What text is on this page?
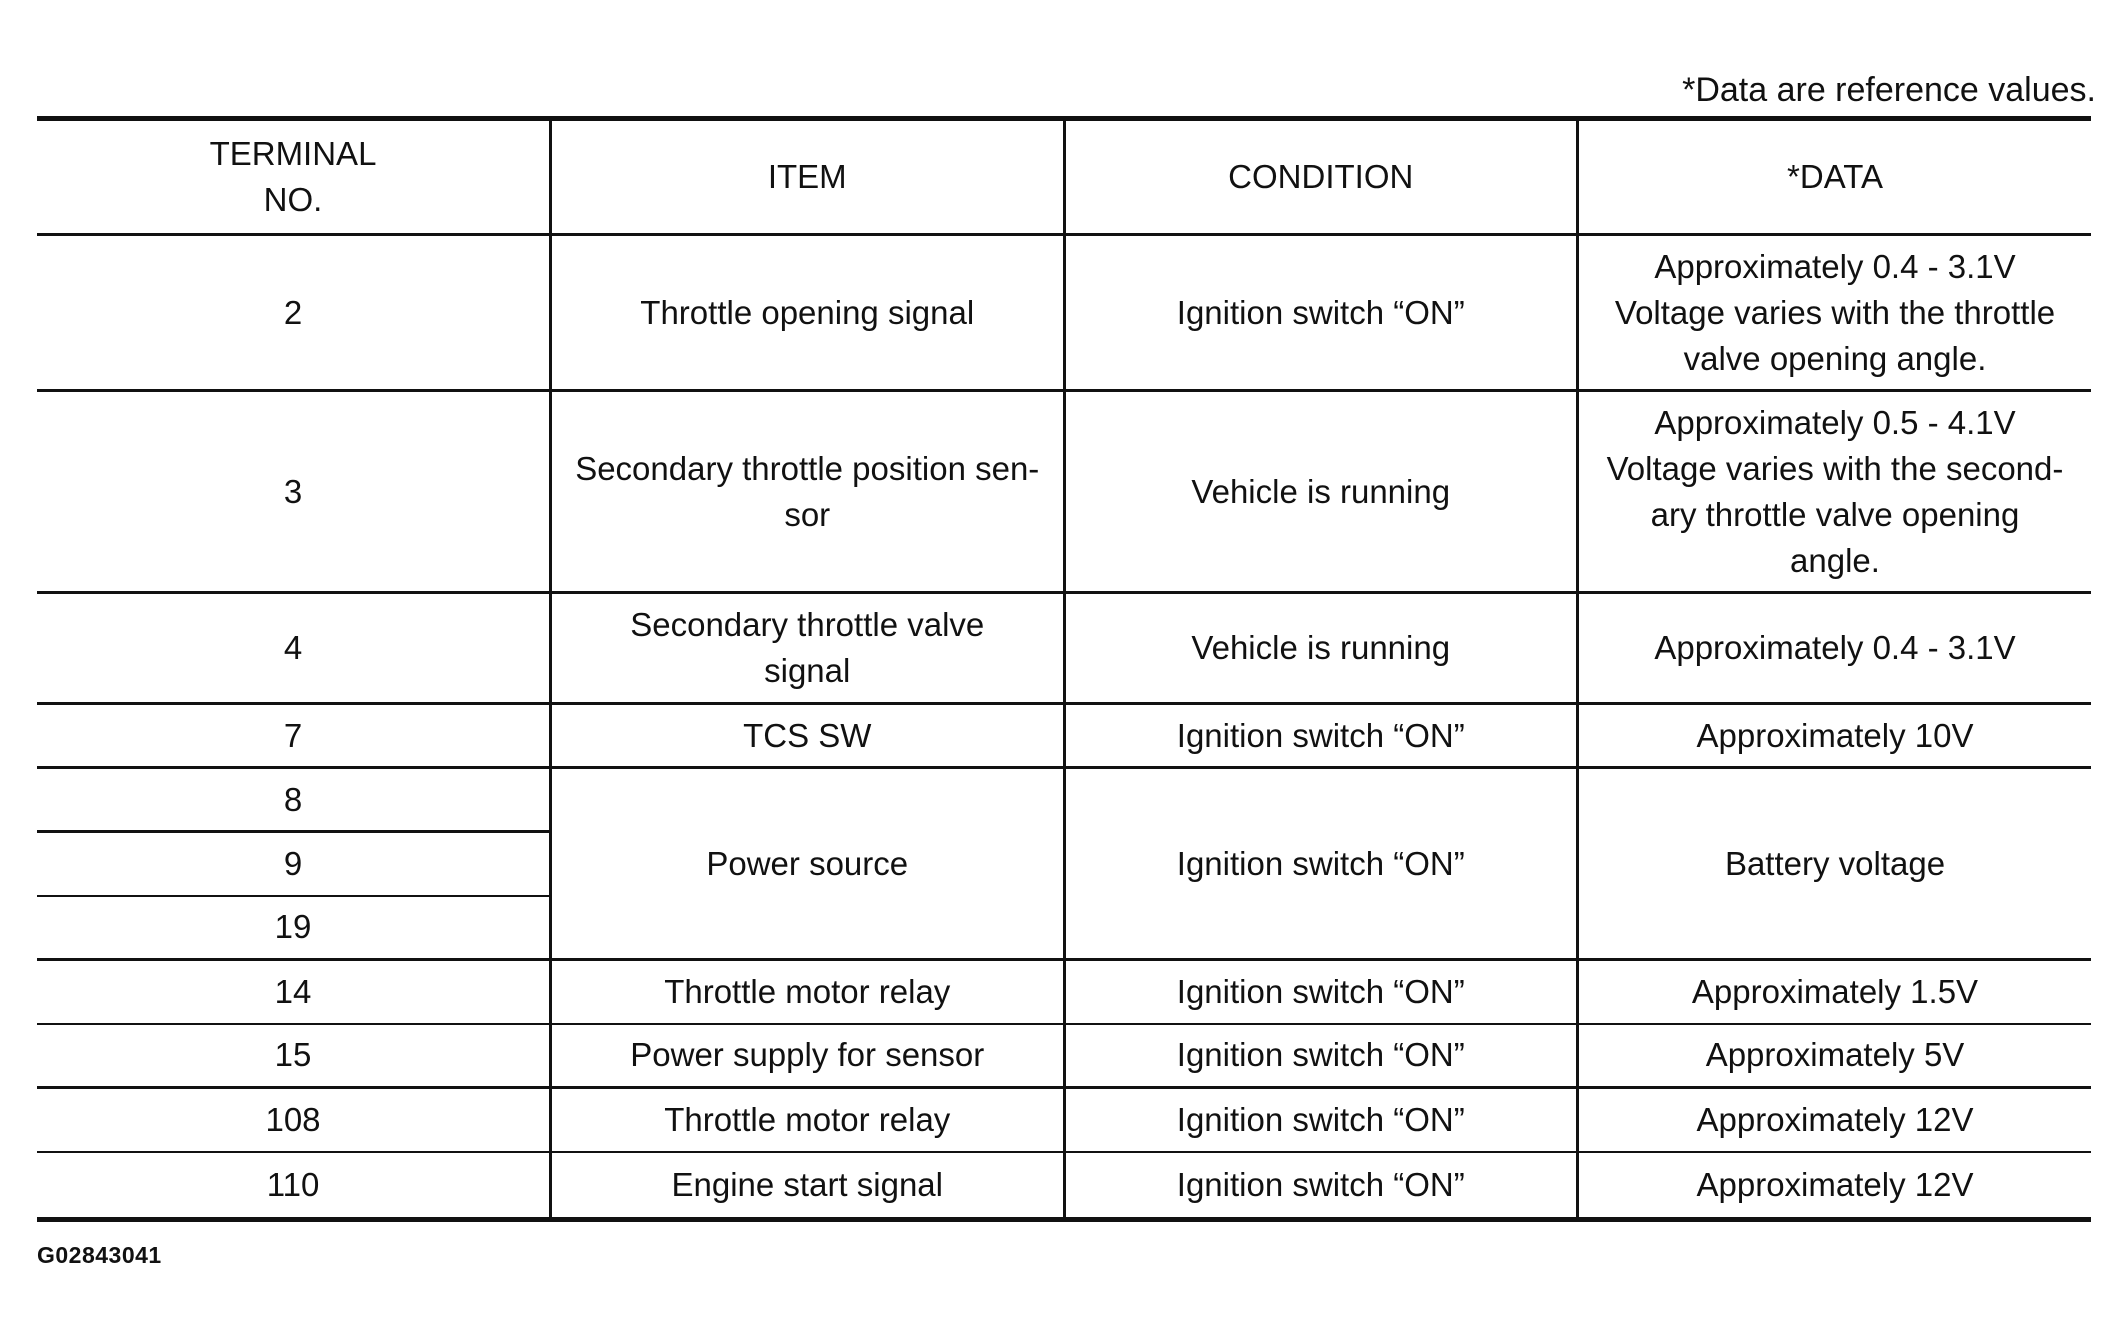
*Data are reference values.
TERMINAL
NO.	ITEM	CONDITION	*DATA
2	Throttle opening signal	Ignition switch “ON”	Approximately 0.4 - 3.1V
Voltage varies with the throttle
valve opening angle.

3	Secondary throttle position sen-
sor	Vehicle is running	Approximately 0.5 - 4.1V
Voltage varies with the second-
ary throttle valve opening
angle.

4	Secondary throttle valve
signal	Vehicle is running	Approximately 0.4 - 3.1V

7	TCS SW	Ignition switch “ON”	Approximately 10V

8	Power source	Ignition switch “ON”	Battery voltage

9			
19			
14	Throttle motor relay	Ignition switch “ON”	Approximately 1.5V

15	Power supply for sensor	Ignition switch “ON”	Approximately 5V

108	Throttle motor relay	Ignition switch “ON”	Approximately 12V

110	Engine start signal	Ignition switch “ON”	Approximately 12V
G02843041
